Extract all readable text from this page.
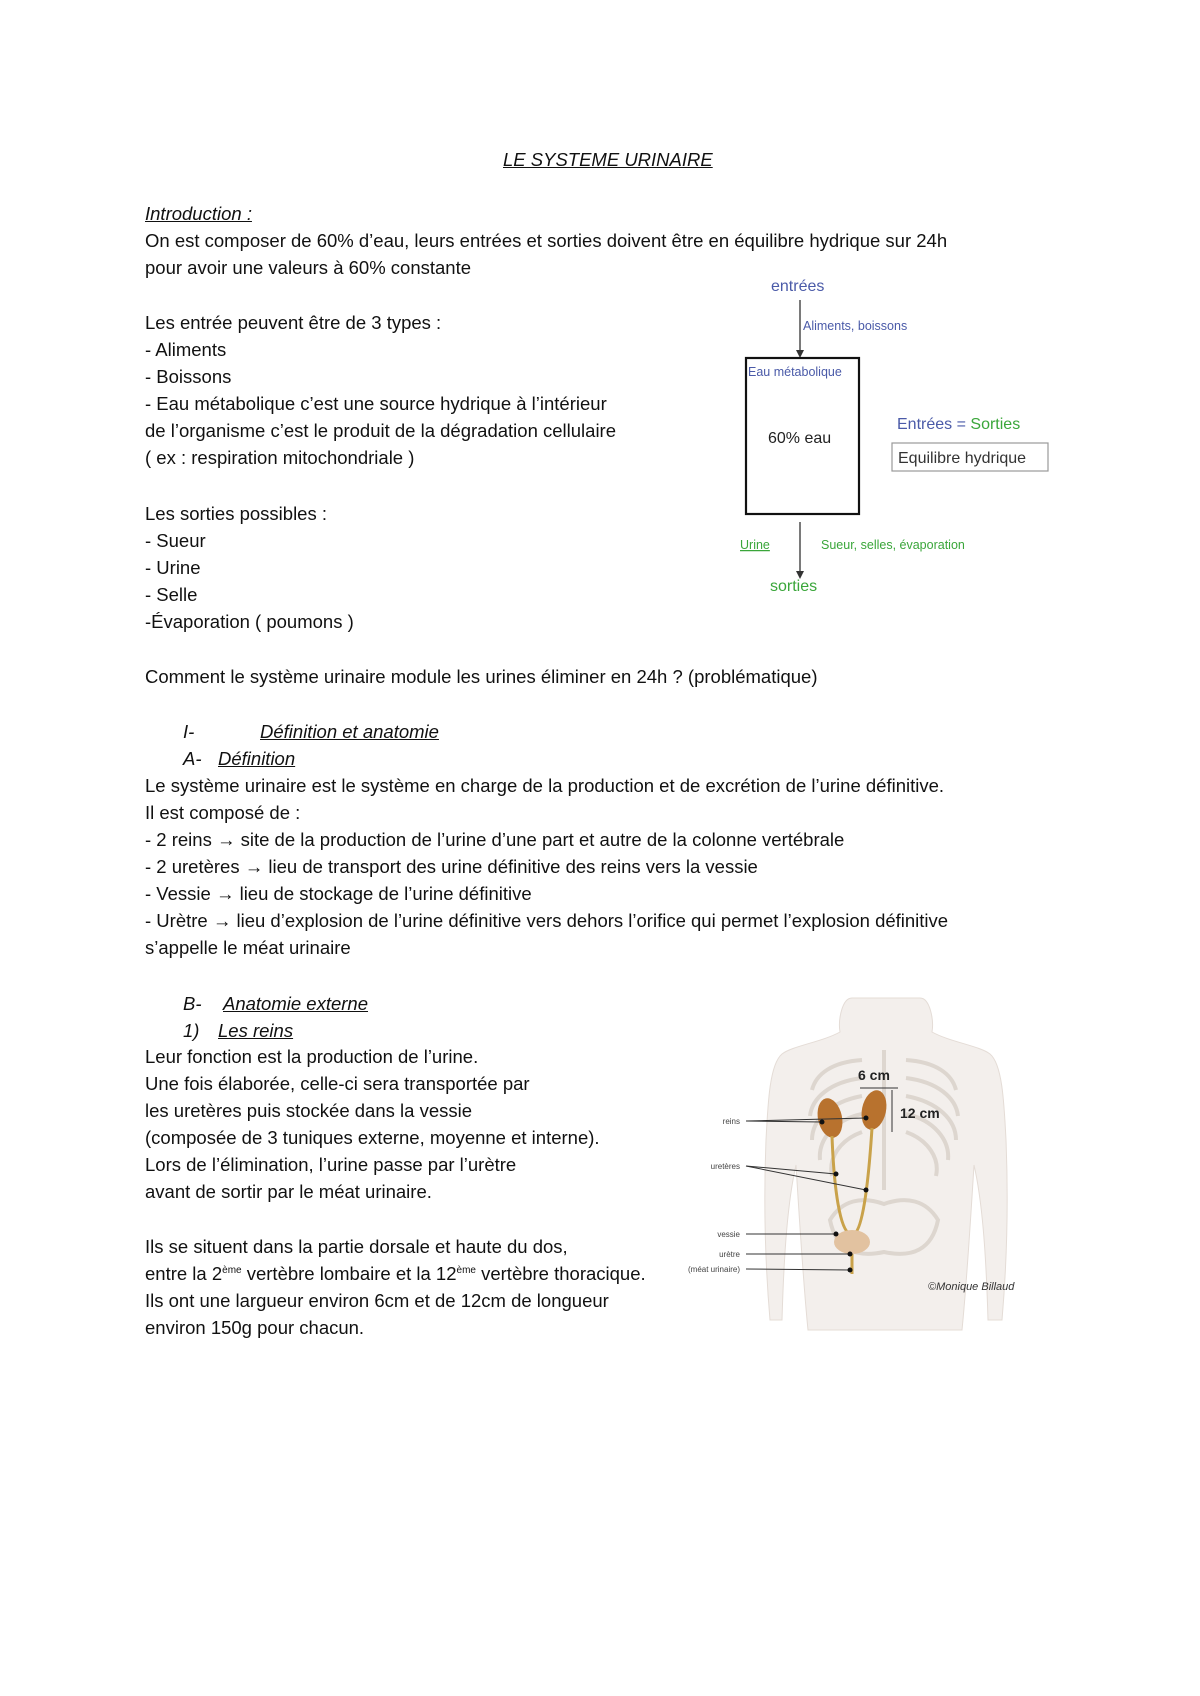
LE SYSTEME URINAIRE
Introduction :
On est composer de 60% d’eau, leurs entrées et sorties doivent être en équilibre hydrique sur 24h
pour avoir une valeurs à 60% constante
Les entrée peuvent être de 3 types :
- Aliments
- Boissons
- Eau métabolique c’est une source hydrique à l’intérieur
de l’organisme c’est le produit de la dégradation cellulaire
( ex : respiration mitochondriale )
Les sorties possibles :
- Sueur
- Urine
- Selle
-Évaporation ( poumons )
Comment le système urinaire module les urines éliminer en 24h ? (problématique)
I-	Définition et anatomie
A- Définition
Le système urinaire est le système en charge de la production et de excrétion de l’urine définitive.
Il est composé de :
- 2 reins → site de la production de l’urine d’une part et autre de la colonne vertébrale
- 2 uretères → lieu de transport des urine définitive des reins vers la vessie
- Vessie → lieu de stockage de l’urine définitive
- Urètre → lieu d’explosion de l’urine définitive vers dehors l’orifice qui permet l’explosion définitive
s’appelle le méat urinaire
B- Anatomie externe
1) Les reins
Leur fonction est la production de l’urine.
Une fois élaborée, celle-ci sera transportée par
les uretères puis stockée dans la vessie
(composée de 3 tuniques externe, moyenne et interne).
Lors de l’élimination, l’urine passe par l’urètre
avant de sortir par le méat urinaire.
Ils se situent dans la partie dorsale et haute du dos,
entre la 2ème vertèbre lombaire et la 12ème vertèbre thoracique.
Ils ont une largueur environ 6cm et de 12cm de longueur
environ 150g pour chacun.
entrées
Aliments, boissons
Eau métabolique
60% eau
Entrées = Sorties
Equilibre hydrique
Urine	Sueur, selles, évaporation
sorties
6 cm
12 cm
reins
uretères
vessie
urètre
(méat urinaire)
©Monique Billaud
